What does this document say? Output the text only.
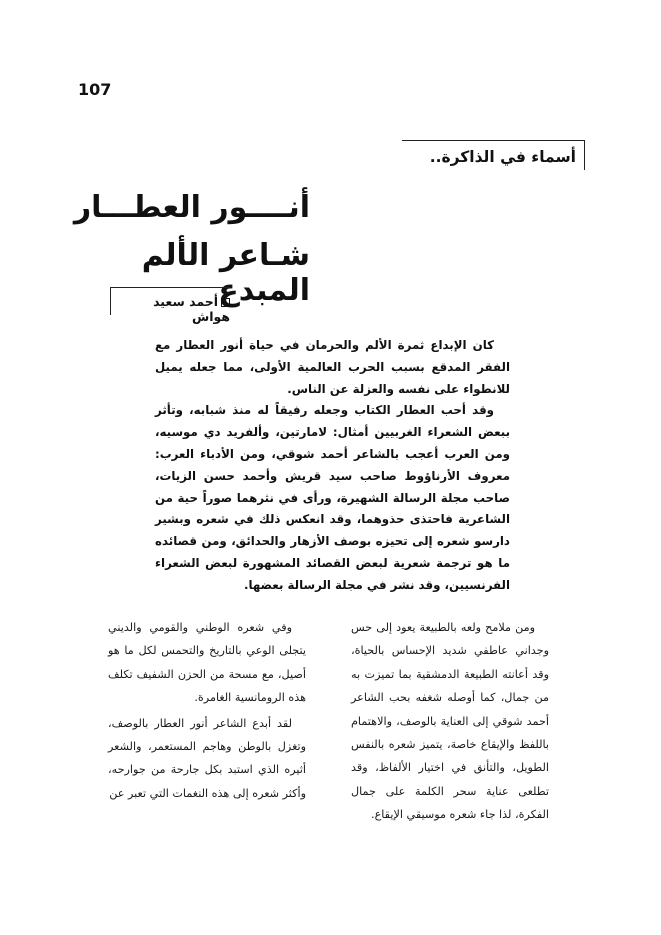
107
أسماء في الذاكرة..
أنــــور العطـــار
شـاعر الألم المبدع
أحمد سعيد هواش

كان الإبداع ثمرة الألم والحرمان في حياة أنور العطار مع الفقر المدقع بسبب الحرب العالمية الأولى، مما جعله يميل للانطواء على نفسه والعزلة عن الناس.

وقد أحب العطار الكتاب وجعله رفيقاً له منذ شبابه، وتأثر ببعض الشعراء الغربيين أمثال: لامارتين، وألفريد دي موسيه، ومن العرب أعجب بالشاعر أحمد شوقي، ومن الأدباء العرب: معروف الأرناؤوط صاحب سيد قريش وأحمد حسن الزيات، صاحب مجلة الرسالة الشهيرة، ورأى في نثرهما صوراً حية من الشاعرية فاحتذى حذوهما، وقد انعكس ذلك في شعره وبشير دارسو شعره إلى تحيزه بوصف الأزهار والحدائق، ومن قصائده ما هو ترجمة شعرية لبعض القصائد المشهورة لبعض الشعراء الفرنسيين، وقد نشر في مجلة الرسالة بعضها.

ومن ملامح ولعه بالطبيعة يعود إلى حس وجداني عاطفي شديد الإحساس بالحياة، وقد أعانته الطبيعة الدمشقية بما تميزت به من جمال، كما أوصله شغفه بحب الشاعر أحمد شوقي إلى العناية بالوصف، والاهتمام باللفظ والإيقاع خاصة، يتميز شعره بالنفس الطويل، والتأنق في اختيار الألفاظ، وقد تطلعى عناية سحر الكلمة على جمال الفكرة، لذا جاء شعره موسيقي الإيقاع.

وفي شعره الوطني والقومي والديني يتجلى الوعي بالتاريخ والتحمس لكل ما هو أصيل، مع مسحة من الحزن الشفيف تكلف هذه الرومانسية الغامرة.

لقد أبدع الشاعر أنور العطار بالوصف، وتغزل بالوطن وهاجم المستعمر، والشعر أثيره الذي استبد بكل جارحة من جوارحه، وأكثر شعره إلى هذه النغمات التي تعبر عن
